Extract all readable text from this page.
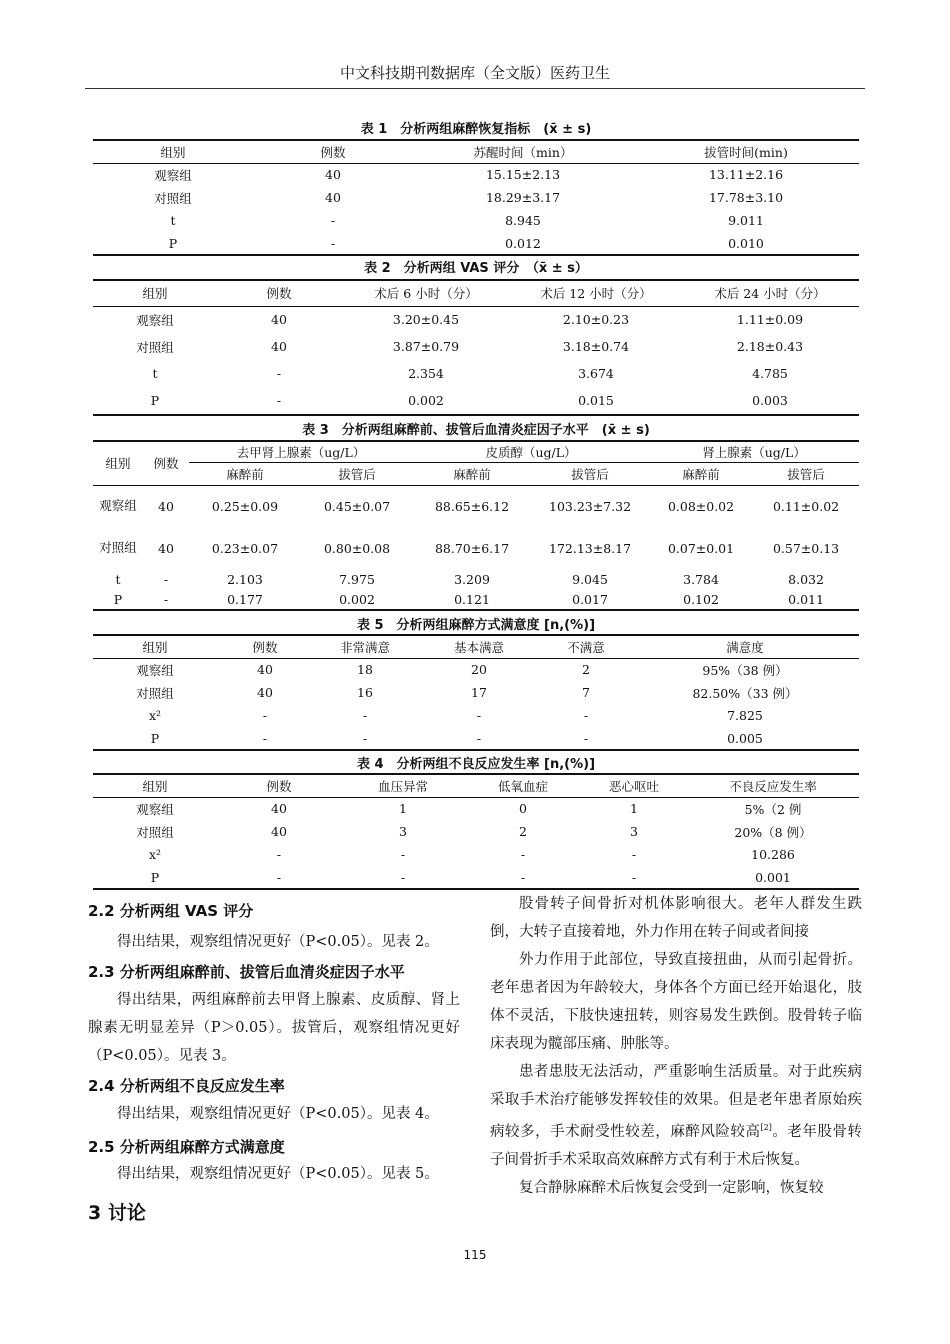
中文科技期刊数据库（全文版）医药卫生
表 1　分析两组麻醉恢复指标　(x̄ ± s)
组别	例数	苏醒时间（min）	拔管时间(min)
观察组	40	15.15±2.13	13.11±2.16
对照组	40	18.29±3.17	17.78±3.10
t	-	8.945	9.011
P	-	0.012	0.010
表 2　分析两组 VAS 评分　（x̄ ± s）
组别	例数	术后 6 小时（分）	术后 12 小时（分）	术后 24 小时（分）
观察组	40	3.20±0.45	2.10±0.23	1.11±0.09
对照组	40	3.87±0.79	3.18±0.74	2.18±0.43
t	-	2.354	3.674	4.785
P	-	0.002	0.015	0.003
表 3　分析两组麻醉前、拔管后血清炎症因子水平　(x̄ ± s)
组别	例数	去甲肾上腺素（ug/L）		皮质醇（ug/L）		肾上腺素（ug/L）	
		麻醉前	拔管后	麻醉前	拔管后	麻醉前	拔管后
观察组	40	0.25±0.09	0.45±0.07	88.65±6.12	103.23±7.32	0.08±0.02	0.11±0.02
对照组	40	0.23±0.07	0.80±0.08	88.70±6.17	172.13±8.17	0.07±0.01	0.57±0.13
t	-	2.103	7.975	3.209	9.045	3.784	8.032
P	-	0.177	0.002	0.121	0.017	0.102	0.011
表 5　分析两组麻醉方式满意度 [n,(%)]
组别	例数	非常满意	基本满意	不满意	满意度
观察组	40	18	20	2	95%（38 例）
对照组	40	16	17	7	82.50%（33 例）
x²	-	-	-	-	7.825
P	-	-	-	-	0.005
表 4　分析两组不良反应发生率 [n,(%)]
组别	例数	血压异常	低氧血症	恶心呕吐	不良反应发生率
观察组	40	1	0	1	5%（2 例
对照组	40	3	2	3	20%（8 例）
x²	-	-	-	-	10.286
P	-	-	-	-	0.001
2.2 分析两组 VAS 评分

得出结果，观察组情况更好（P<0.05）。见表 2。

2.3 分析两组麻醉前、拔管后血清炎症因子水平

得出结果，两组麻醉前去甲肾上腺素、皮质醇、肾上腺素无明显差异（P＞0.05）。拔管后，观察组情况更好（P<0.05）。见表 3。

2.4 分析两组不良反应发生率

得出结果，观察组情况更好（P<0.05）。见表 4。

2.5 分析两组麻醉方式满意度

得出结果，观察组情况更好（P<0.05）。见表 5。

3 讨论

股骨转子间骨折对机体影响很大。老年人群发生跌倒，大转子直接着地，外力作用在转子间或者间接

外力作用于此部位，导致直接扭曲，从而引起骨折。老年患者因为年龄较大，身体各个方面已经开始退化，肢体不灵活，下肢快速扭转，则容易发生跌倒。股骨转子临床表现为髋部压痛、肿胀等。

患者患肢无法活动，严重影响生活质量。对于此疾病采取手术治疗能够发挥较佳的效果。但是老年患者原始疾病较多，手术耐受性较差，麻醉风险较高[2]。老年股骨转子间骨折手术采取高效麻醉方式有利于术后恢复。

复合静脉麻醉术后恢复会受到一定影响，恢复较

115
